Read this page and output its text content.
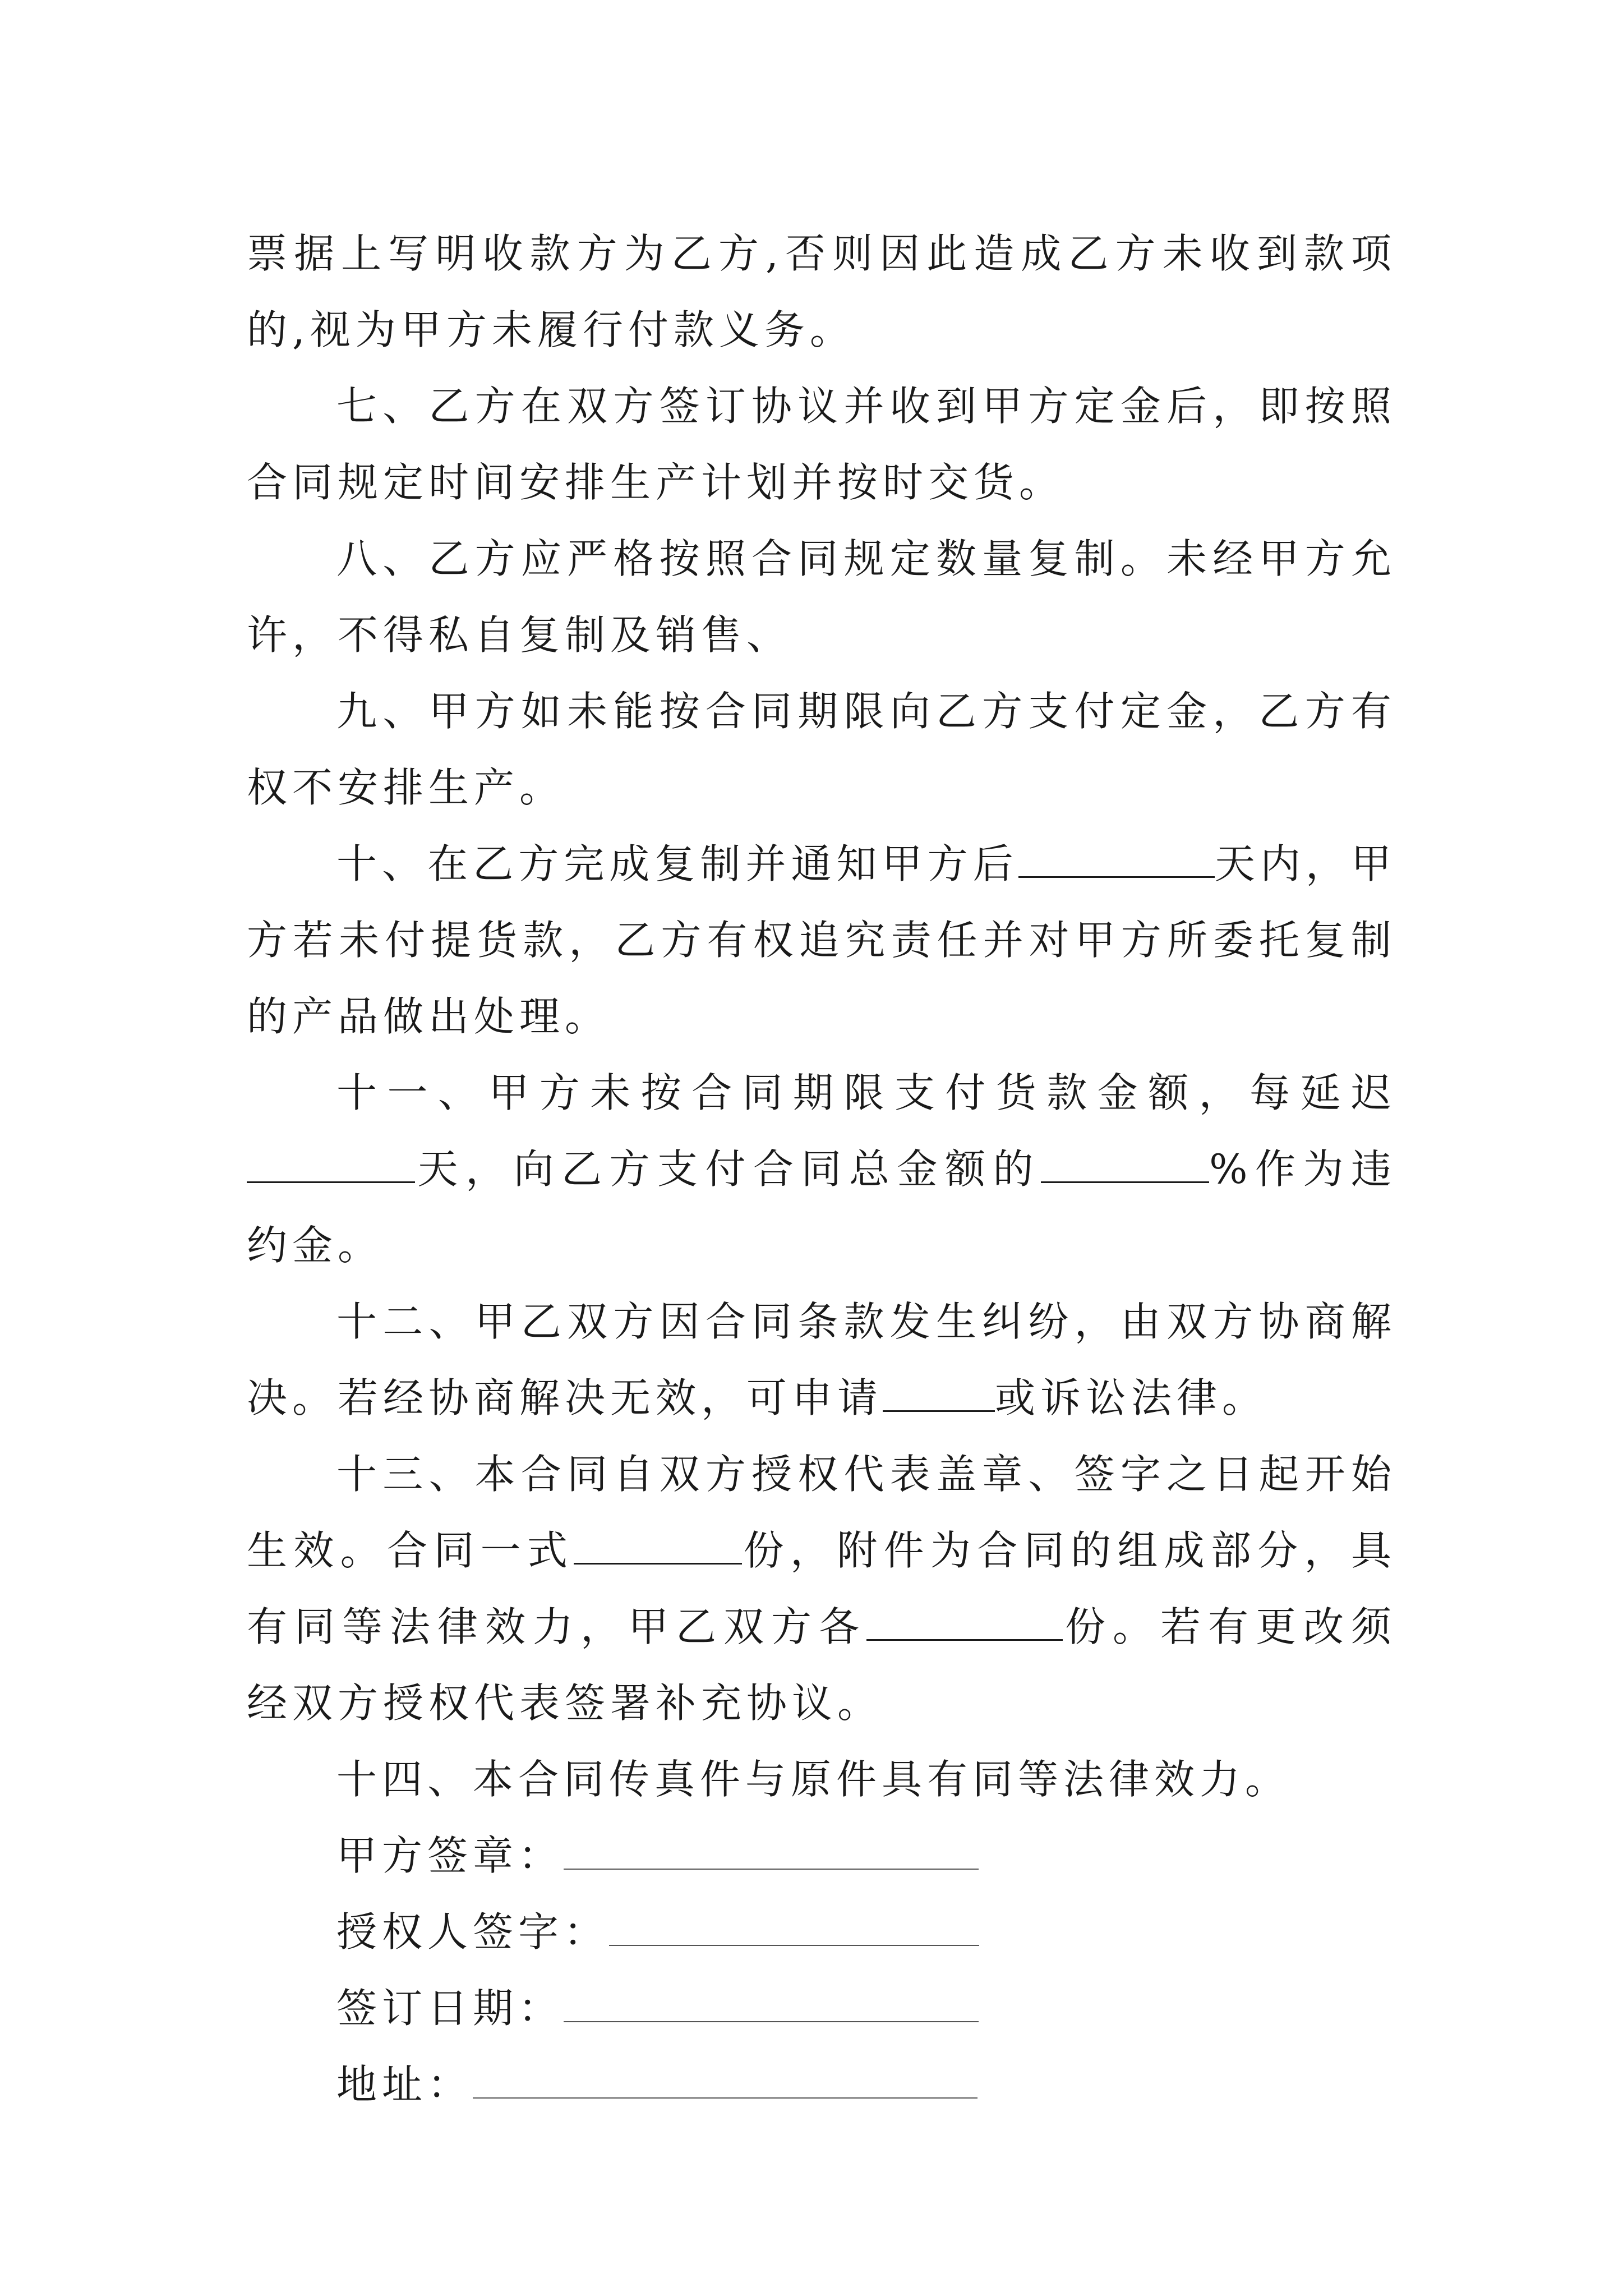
票据上写明收款方为乙方,否则因此造成乙方未收到款项的,视为甲方未履行付款义务。

七、乙方在双方签订协议并收到甲方定金后，即按照合同规定时间安排生产计划并按时交货。

八、乙方应严格按照合同规定数量复制。未经甲方允许，不得私自复制及销售、

九、甲方如未能按合同期限向乙方支付定金，乙方有权不安排生产。

十、在乙方完成复制并通知甲方后	天内，甲方若未付提货款，乙方有权追究责任并对甲方所委托复制的产品做出处理。

十一、甲方未按合同期限支付货款金额，每延迟天，向乙方支付合同总金额的	%作为违约金。

十二、甲乙双方因合同条款发生纠纷，由双方协商解决。若经协商解决无效，可申请	或诉讼法律。

十三、本合同自双方授权代表盖章、签字之日起开始生效。合同一式	份，附件为合同的组成部分，具有同等法律效力，甲乙双方各	份。若有更改须经双方授权代表签署补充协议。

十四、本合同传真件与原件具有同等法律效力。

甲方签章：

授权人签字：

签订日期：

地址：
